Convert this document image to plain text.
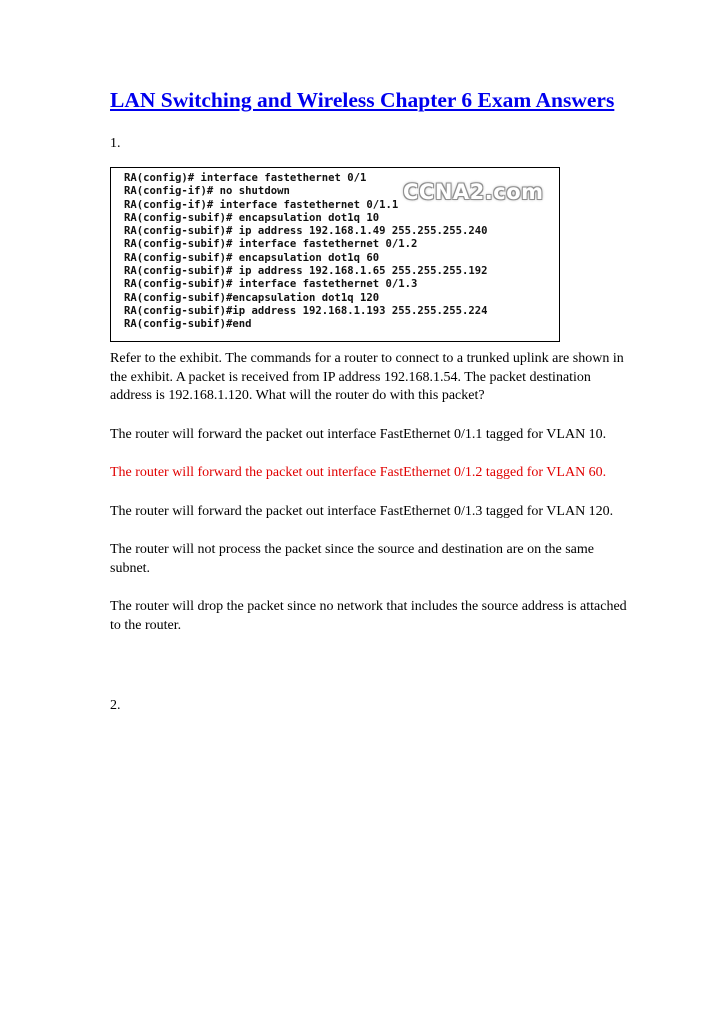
LAN Switching and Wireless Chapter 6 Exam Answers

1.

RA(config)# interface fastethernet 0/1
RA(config-if)# no shutdown
RA(config-if)# interface fastethernet 0/1.1
RA(config-subif)# encapsulation dot1q 10
RA(config-subif)# ip address 192.168.1.49 255.255.255.240
RA(config-subif)# interface fastethernet 0/1.2
RA(config-subif)# encapsulation dot1q 60
RA(config-subif)# ip address 192.168.1.65 255.255.255.192
RA(config-subif)# interface fastethernet 0/1.3
RA(config-subif)#encapsulation dot1q 120
RA(config-subif)#ip address 192.168.1.193 255.255.255.224
RA(config-subif)#end
CCNA2.com

Refer to the exhibit. The commands for a router to connect to a trunked uplink are shown in the exhibit. A packet is received from IP address 192.168.1.54. The packet destination address is 192.168.1.120. What will the router do with this packet?

The router will forward the packet out interface FastEthernet 0/1.1 tagged for VLAN 10.

The router will forward the packet out interface FastEthernet 0/1.2 tagged for VLAN 60.

The router will forward the packet out interface FastEthernet 0/1.3 tagged for VLAN 120.

The router will not process the packet since the source and destination are on the same subnet.

The router will drop the packet since no network that includes the source address is attached to the router.

2.
